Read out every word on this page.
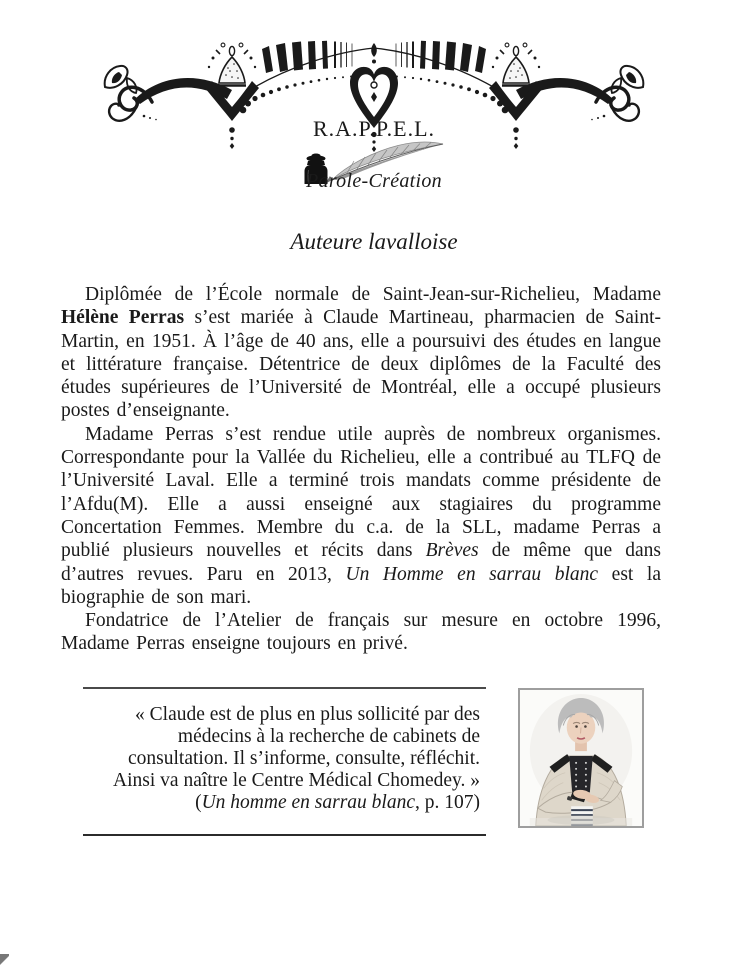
R.A.P.P.E.L.
Parole-Création
Auteure lavalloise

Diplômée de l’École normale de Saint-Jean-sur-Richelieu, Madame Hélène Perras s’est mariée à Claude Martineau, pharmacien de Saint-Martin, en 1951. À l’âge de 40 ans, elle a poursuivi des études en langue et littérature française. Détentrice de deux diplômes de la Faculté des études supérieures de l’Université de Montréal, elle a occupé plusieurs postes d’enseignante.

Madame Perras s’est rendue utile auprès de nombreux organismes. Correspondante pour la Vallée du Richelieu, elle a contribué au TLFQ de l’Université Laval. Elle a terminé trois mandats comme présidente de l’Afdu(M). Elle a aussi enseigné aux stagiaires du programme Concertation Femmes. Membre du c.a. de la SLL, madame Perras a publié plusieurs nouvelles et récits dans Brèves de même que dans d’autres revues. Paru en 2013, Un Homme en sarrau blanc est la biographie de son mari.

Fondatrice de l’Atelier de français sur mesure en octobre 1996, Madame Perras enseigne toujours en privé.

« Claude est de plus en plus sollicité par des médecins à la recherche de cabinets de consultation. Il s’informe, consulte, réfléchit. Ainsi va naître le Centre Médical Chomedey. » (Un homme en sarrau blanc, p. 107)
